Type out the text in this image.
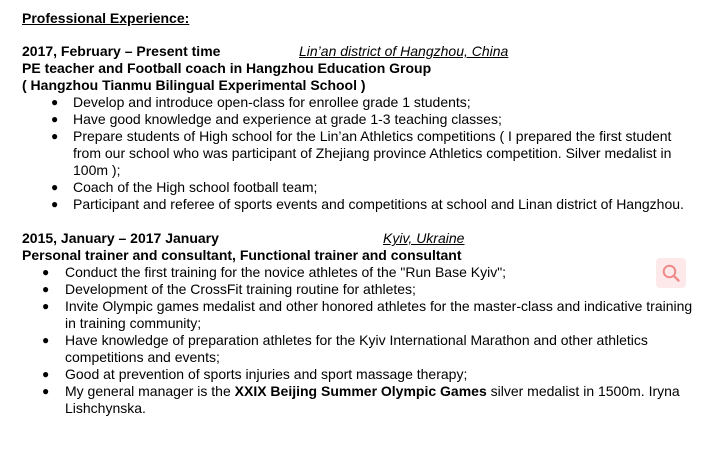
Professional Experience:

2017, February – Present time	Lin’an district of Hangzhou, China
PE teacher and Football coach in Hangzhou Education Group
( Hangzhou Tianmu Bilingual Experimental School )
● Develop and introduce open-class for enrollee grade 1 students;
● Have good knowledge and experience at grade 1-3 teaching classes;
● Prepare students of High school for the Lin’an Athletics competitions ( I prepared the first student from our school who was participant of Zhejiang province Athletics competition. Silver medalist in 100m );
● Coach of the High school football team;
● Participant and referee of sports events and competitions at school and Linan district of Hangzhou.
2015, January – 2017 January	Kyiv, Ukraine
Personal trainer and consultant, Functional trainer and consultant
● Conduct the first training for the novice athletes of the "Run Base Kyiv";
● Development of the CrossFit training routine for athletes;
● Invite Olympic games medalist and other honored athletes for the master-class and indicative training in training community;
● Have knowledge of preparation athletes for the Kyiv International Marathon and other athletics competitions and events;
● Good at prevention of sports injuries and sport massage therapy;
● My general manager is the XXIX Beijing Summer Olympic Games silver medalist in 1500m. Iryna Lishchynska.
